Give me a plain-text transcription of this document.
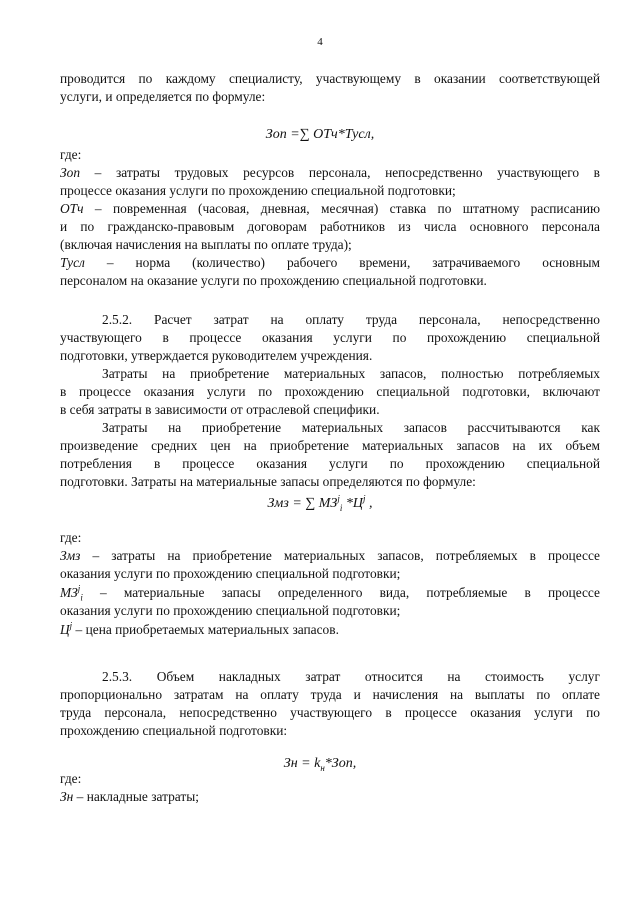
4

проводится по каждому специалисту, участвующему в оказании соответствующей

услуги, и определяется по формуле:

Зоп =∑ ОТч*Тусл,

где:

Зоп – затраты трудовых ресурсов персонала, непосредственно участвующего в

процессе оказания услуги по прохождению специальной подготовки;

ОТч – повременная (часовая, дневная, месячная) ставка по штатному расписанию

и по гражданско-правовым договорам работников из числа основного персонала

(включая начисления на выплаты по оплате труда);

Тусл – норма (количество) рабочего времени, затрачиваемого основным

персоналом на оказание услуги по прохождению специальной подготовки.

2.5.2. Расчет затрат на оплату труда персонала, непосредственно

участвующего в процессе оказания услуги по прохождению специальной

подготовки, утверждается руководителем учреждения.

Затраты на приобретение материальных запасов, полностью потребляемых

в процессе оказания услуги по прохождению специальной подготовки, включают

в себя затраты в зависимости от отраслевой специфики.

Затраты на приобретение материальных запасов рассчитываются как

произведение средних цен на приобретение материальных запасов на их объем

потребления в процессе оказания услуги по прохождению специальной

подготовки. Затраты на материальные запасы определяются по формуле:

Змз = ∑ $МЗ^j_i$ $*Ц^j$ ,

где:

Змз – затраты на приобретение материальных запасов, потребляемых в процессе

оказания услуги по прохождению специальной подготовки;

$МЗ^j_i$ – материальные запасы определенного вида, потребляемые в процессе

оказания услуги по прохождению специальной подготовки;

$Ц^j$ – цена приобретаемых материальных запасов.

2.5.3. Объем накладных затрат относится на стоимость услуг

пропорционально затратам на оплату труда и начисления на выплаты по оплате

труда персонала, непосредственно участвующего в процессе оказания услуги по

прохождению специальной подготовки:

Зн = $k_н*Зоп$,

где:

Зн – накладные затраты;
